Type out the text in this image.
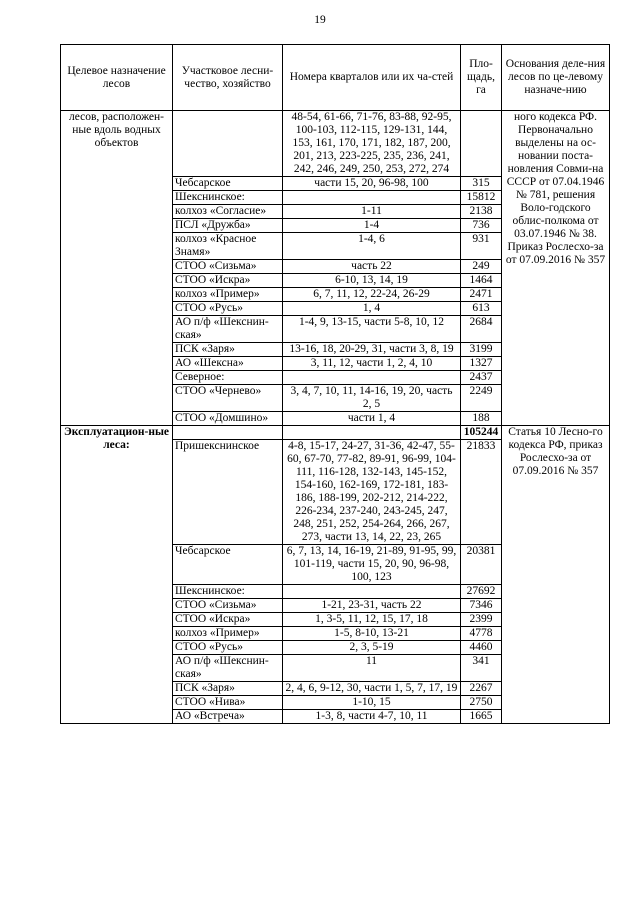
19
Целевое назначение лесов	Участковое лесни-чество, хозяйство	Номера кварталов или их ча-стей	Пло-щадь, га	Основания деле-ния лесов по це-левому назначе-нию
лесов, расположен-ные вдоль водных объектов		48-54, 61-66, 71-76, 83-88, 92-95, 100-103, 112-115, 129-131, 144, 153, 161, 170, 171, 182, 187, 200, 201, 213, 223-225, 235, 236, 241, 242, 246, 249, 250, 253, 272, 274		ного кодекса РФ. Первоначально выделены на ос-новании поста-новления Совми-на СССР от 07.04.1946 № 781, решения Воло-годского облис-полкома от 03.07.1946 № 38. Приказ Рослесхо-за от 07.09.2016 № 357
	Чебсарское	части 15, 20, 96-98, 100	315	
	Шекснинское:		15812	
	колхоз «Согласие»	1-11	2138	
	ПСЛ «Дружба»	1-4	736	
	колхоз «Красное Знамя»	1-4, 6	931	
	СТОО «Сизьма»	часть 22	249	
	СТОО «Искра»	6-10, 13, 14, 19	1464	
	колхоз «Пример»	6, 7, 11, 12, 22-24, 26-29	2471	
	СТОО «Русь»	1, 4	613	
	АО п/ф «Шекснин-ская»	1-4, 9, 13-15, части 5-8, 10, 12	2684	
	ПСК «Заря»	13-16, 18, 20-29, 31, части 3, 8, 19	3199	
	АО «Шексна»	3, 11, 12, части 1, 2, 4, 10	1327	
	Северное:		2437	
	СТОО «Чернево»	3, 4, 7, 10, 11, 14-16, 19, 20, часть 2, 5	2249	
	СТОО «Домшино»	части 1, 4	188	
Эксплуатацион-ные леса:			105244	Статья 10 Лесно-го кодекса РФ, приказ Рослесхо-за от 07.09.2016 № 357
	Пришекснинское	4-8, 15-17, 24-27, 31-36, 42-47, 55-60, 67-70, 77-82, 89-91, 96-99, 104-111, 116-128, 132-143, 145-152, 154-160, 162-169, 172-181, 183-186, 188-199, 202-212, 214-222, 226-234, 237-240, 243-245, 247, 248, 251, 252, 254-264, 266, 267, 273, части 13, 14, 22, 23, 265	21833	
	Чебсарское	6, 7, 13, 14, 16-19, 21-89, 91-95, 99, 101-119, части 15, 20, 90, 96-98, 100, 123	20381	
	Шекснинское:		27692	
	СТОО «Сизьма»	1-21, 23-31, часть 22	7346	
	СТОО «Искра»	1, 3-5, 11, 12, 15, 17, 18	2399	
	колхоз «Пример»	1-5, 8-10, 13-21	4778	
	СТОО «Русь»	2, 3, 5-19	4460	
	АО п/ф «Шекснин-ская»	11	341	
	ПСК «Заря»	2, 4, 6, 9-12, 30, части 1, 5, 7, 17, 19	2267	
	СТОО «Нива»	1-10, 15	2750	
	АО «Встреча»	1-3, 8, части 4-7, 10, 11	1665	
